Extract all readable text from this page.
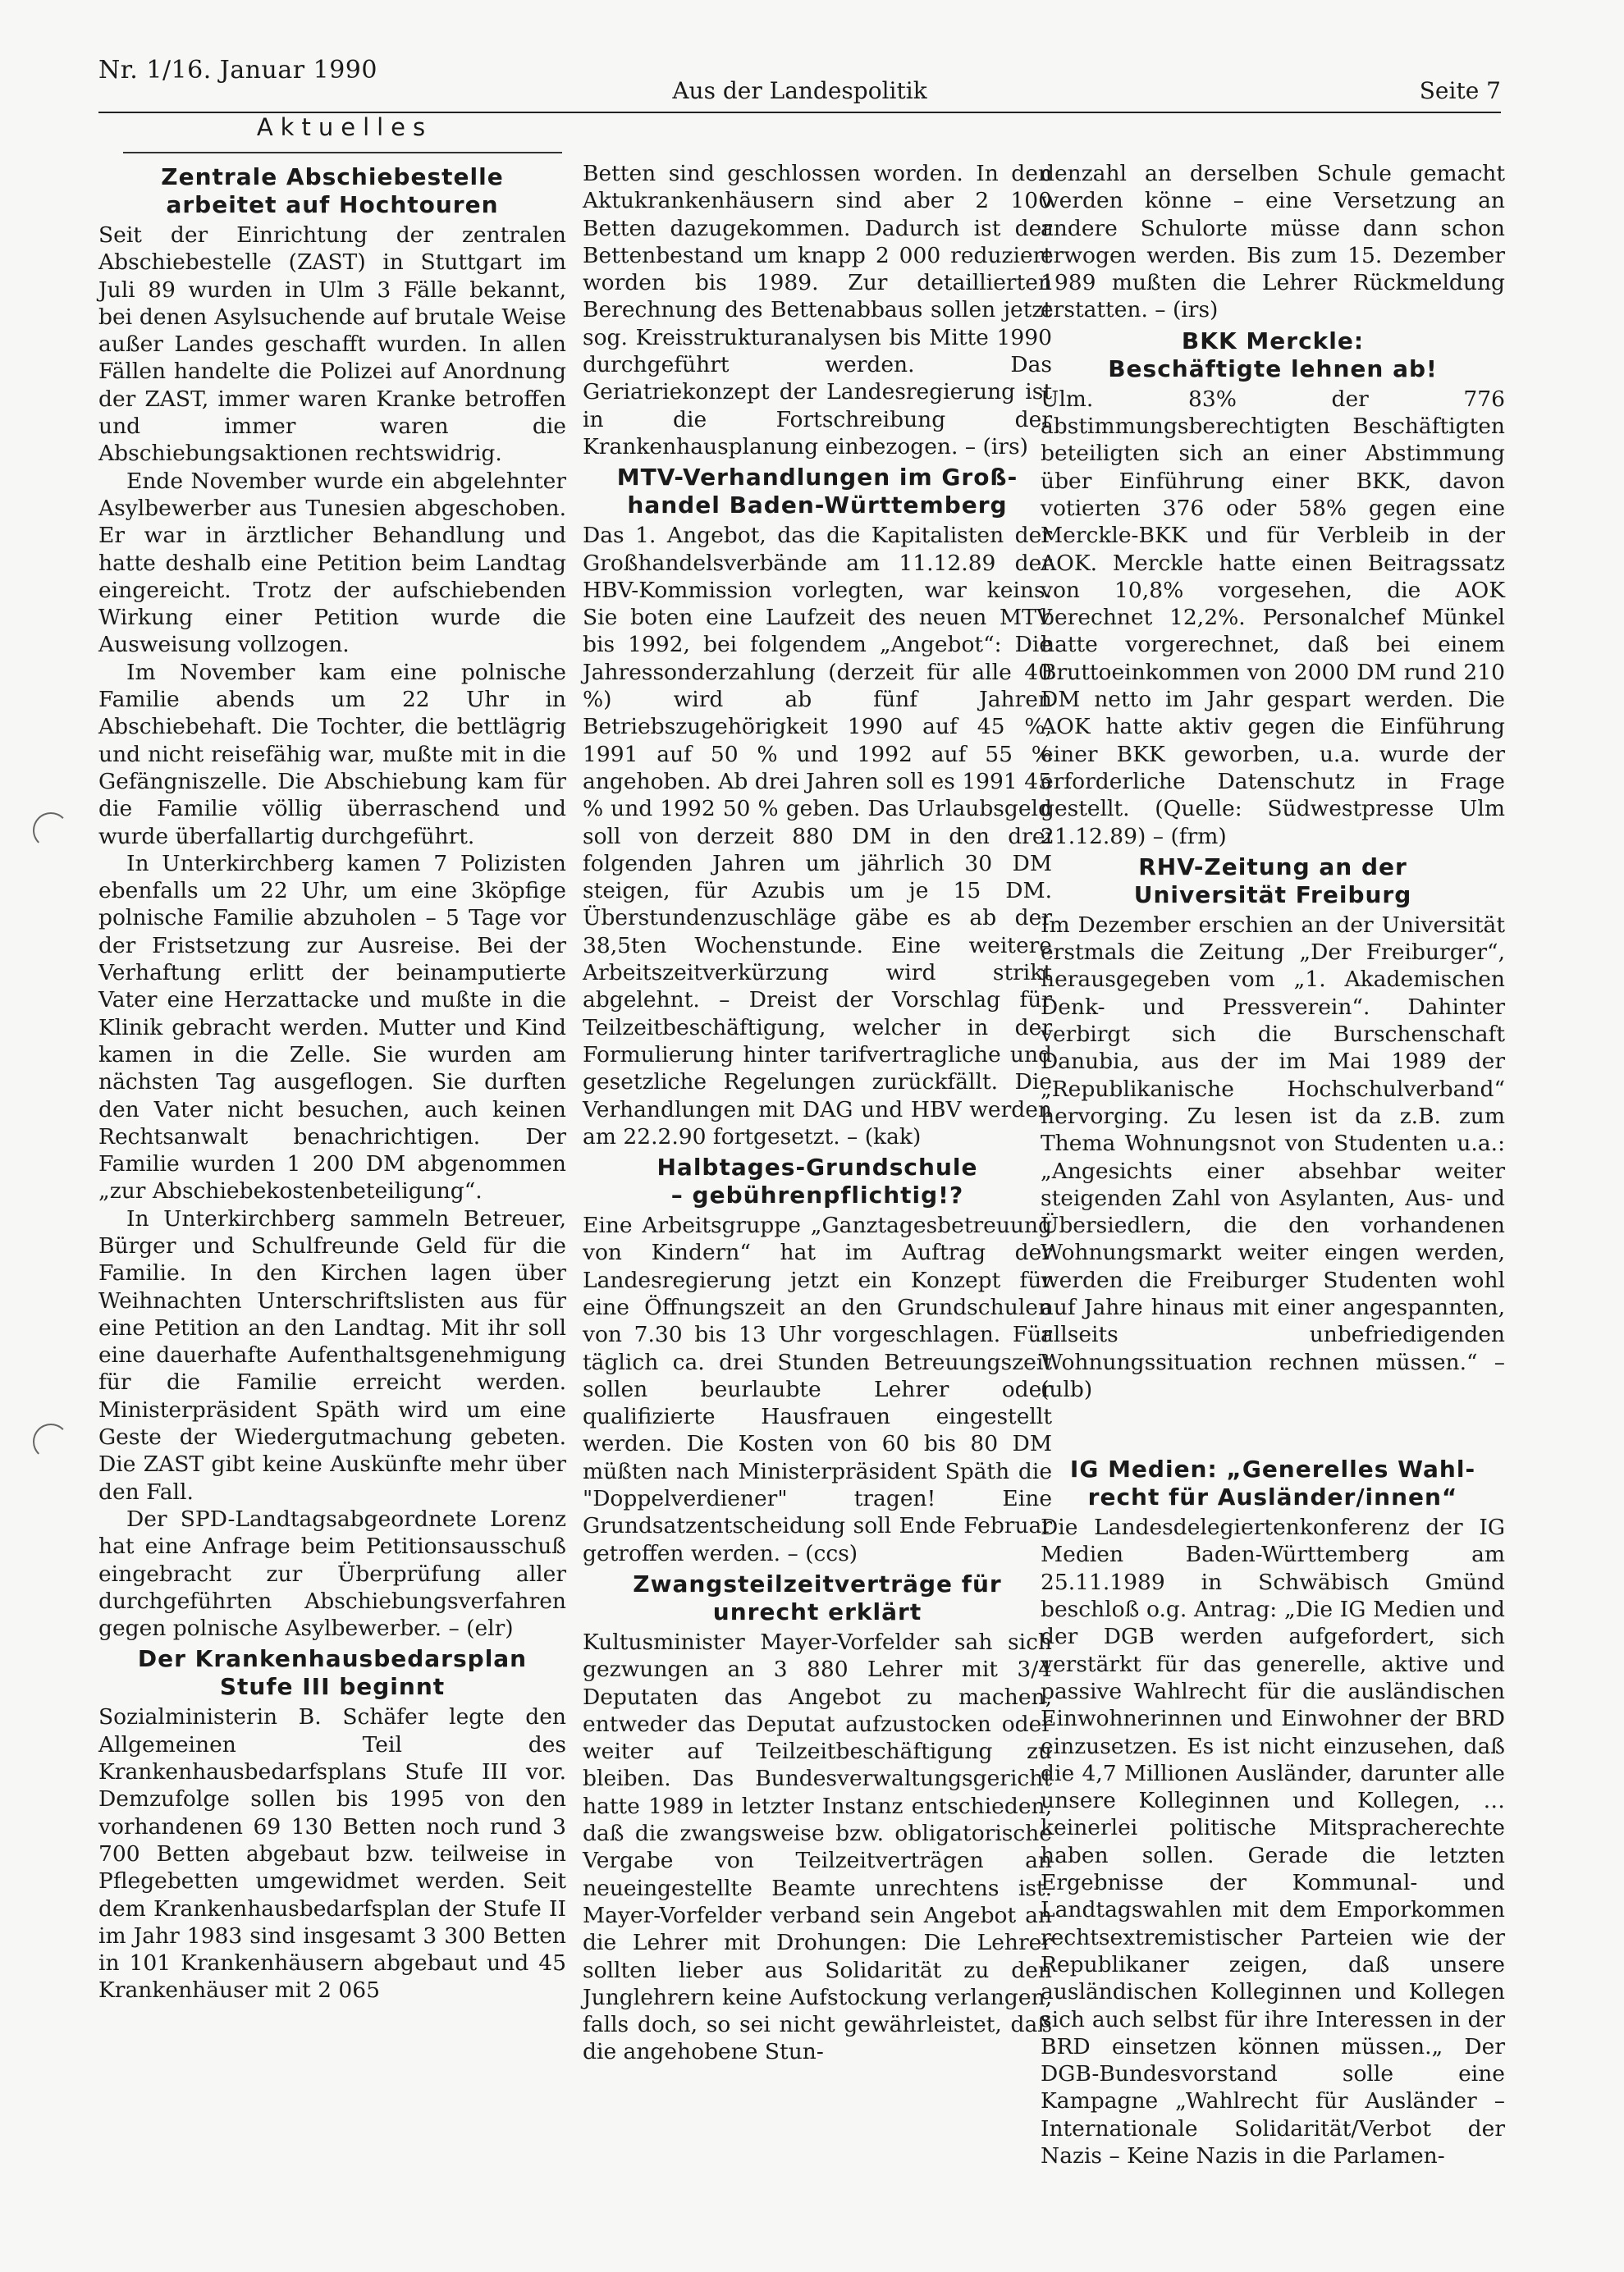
Nr. 1/16. Januar 1990
Aus der Landespolitik	Seite 7
Aktuelles
Zentrale Abschiebestelle
arbeitet auf Hochtouren

Seit der Einrichtung der zentralen Abschiebestelle (ZAST) in Stuttgart im Juli 89 wurden in Ulm 3 Fälle bekannt, bei denen Asylsuchende auf brutale Weise außer Landes geschafft wurden. In allen Fällen handelte die Polizei auf Anordnung der ZAST, immer waren Kranke betroffen und immer waren die Abschiebungsaktionen rechtswidrig.

Ende November wurde ein abgelehnter Asylbewerber aus Tunesien abgeschoben. Er war in ärztlicher Behandlung und hatte deshalb eine Petition beim Landtag eingereicht. Trotz der aufschiebenden Wirkung einer Petition wurde die Ausweisung vollzogen.

Im November kam eine polnische Familie abends um 22 Uhr in Abschiebehaft. Die Tochter, die bettlägrig und nicht reisefähig war, mußte mit in die Gefängniszelle. Die Abschiebung kam für die Familie völlig überraschend und wurde überfallartig durchgeführt.

In Unterkirchberg kamen 7 Polizisten ebenfalls um 22 Uhr, um eine 3köpfige polnische Familie abzuholen – 5 Tage vor der Fristsetzung zur Ausreise. Bei der Verhaftung erlitt der beinamputierte Vater eine Herzattacke und mußte in die Klinik gebracht werden. Mutter und Kind kamen in die Zelle. Sie wurden am nächsten Tag ausgeflogen. Sie durften den Vater nicht besuchen, auch keinen Rechtsanwalt benachrichtigen. Der Familie wurden 1 200 DM abgenommen „zur Abschiebekostenbeteiligung“.

In Unterkirchberg sammeln Betreuer, Bürger und Schulfreunde Geld für die Familie. In den Kirchen lagen über Weihnachten Unterschriftslisten aus für eine Petition an den Landtag. Mit ihr soll eine dauerhafte Aufenthaltsgenehmigung für die Familie erreicht werden. Ministerpräsident Späth wird um eine Geste der Wiedergutmachung gebeten. Die ZAST gibt keine Auskünfte mehr über den Fall.

Der SPD-Landtagsabgeordnete Lorenz hat eine Anfrage beim Petitionsausschuß eingebracht zur Überprüfung aller durchgeführten Abschiebungsverfahren gegen polnische Asylbewerber. – (elr)

Der Krankenhausbedarsplan
Stufe III beginnt

Sozialministerin B. Schäfer legte den Allgemeinen Teil des Krankenhausbedarfsplans Stufe III vor. Demzufolge sollen bis 1995 von den vorhandenen 69 130 Betten noch rund 3 700 Betten abgebaut bzw. teilweise in Pflegebetten umgewidmet werden. Seit dem Krankenhausbedarfsplan der Stufe II im Jahr 1983 sind insgesamt 3 300 Betten in 101 Krankenhäusern abgebaut und 45 Krankenhäuser mit 2 065

Betten sind geschlossen worden. In den Aktukrankenhäusern sind aber 2 100 Betten dazugekommen. Dadurch ist der Bettenbestand um knapp 2 000 reduziert worden bis 1989. Zur detaillierten Berechnung des Bettenabbaus sollen jetzt sog. Kreisstrukturanalysen bis Mitte 1990 durchgeführt werden. Das Geriatriekonzept der Landesregierung ist in die Fortschreibung der Krankenhausplanung einbezogen. – (irs)

MTV-Verhandlungen im Groß-
handel Baden-Württemberg

Das 1. Angebot, das die Kapitalisten der Großhandelsverbände am 11.12.89 der HBV-Kommission vorlegten, war keins. Sie boten eine Laufzeit des neuen MTV bis 1992, bei folgendem „Angebot“: Die Jahressonderzahlung (derzeit für alle 40 %) wird ab fünf Jahren Betriebszugehörigkeit 1990 auf 45 %, 1991 auf 50 % und 1992 auf 55 % angehoben. Ab drei Jahren soll es 1991 45 % und 1992 50 % geben. Das Urlaubsgeld soll von derzeit 880 DM in den drei folgenden Jahren um jährlich 30 DM steigen, für Azubis um je 15 DM. Überstundenzuschläge gäbe es ab der 38,5ten Wochenstunde. Eine weitere Arbeitszeitverkürzung wird strikt abgelehnt. – Dreist der Vorschlag für Teilzeitbeschäftigung, welcher in der Formulierung hinter tarifvertragliche und gesetzliche Regelungen zurückfällt. Die Verhandlungen mit DAG und HBV werden am 22.2.90 fortgesetzt. – (kak)

Halbtages-Grundschule
– gebührenpflichtig!?

Eine Arbeitsgruppe „Ganztagesbetreuung von Kindern“ hat im Auftrag der Landesregierung jetzt ein Konzept für eine Öffnungszeit an den Grundschulen von 7.30 bis 13 Uhr vorgeschlagen. Für täglich ca. drei Stunden Betreuungszeit sollen beurlaubte Lehrer oder qualifizierte Hausfrauen eingestellt werden. Die Kosten von 60 bis 80 DM müßten nach Ministerpräsident Späth die "Doppelverdiener" tragen! Eine Grundsatzentscheidung soll Ende Februar getroffen werden. – (ccs)

Zwangsteilzeitverträge für
unrecht erklärt

Kultusminister Mayer-Vorfelder sah sich gezwungen an 3 880 Lehrer mit 3/4 Deputaten das Angebot zu machen, entweder das Deputat aufzustocken oder weiter auf Teilzeitbeschäftigung zu bleiben. Das Bundesverwaltungsgericht hatte 1989 in letzter Instanz entschieden, daß die zwangsweise bzw. obligatorische Vergabe von Teilzeitverträgen an neueingestellte Beamte unrechtens ist. Mayer-Vorfelder verband sein Angebot an die Lehrer mit Drohungen: Die Lehrer sollten lieber aus Solidarität zu den Junglehrern keine Aufstockung verlangen, falls doch, so sei nicht gewährleistet, daß die angehobene Stun-

denzahl an derselben Schule gemacht werden könne – eine Versetzung an andere Schulorte müsse dann schon erwogen werden. Bis zum 15. Dezember 1989 mußten die Lehrer Rückmeldung erstatten. – (irs)

BKK Merckle:
Beschäftigte lehnen ab!

Ulm. 83% der 776 abstimmungsberechtigten Beschäftigten beteiligten sich an einer Abstimmung über Einführung einer BKK, davon votierten 376 oder 58% gegen eine Merckle-BKK und für Verbleib in der AOK. Merckle hatte einen Beitragssatz von 10,8% vorgesehen, die AOK berechnet 12,2%. Personalchef Münkel hatte vorgerechnet, daß bei einem Bruttoeinkommen von 2000 DM rund 210 DM netto im Jahr gespart werden. Die AOK hatte aktiv gegen die Einführung einer BKK geworben, u.a. wurde der erforderliche Datenschutz in Frage gestellt. (Quelle: Südwestpresse Ulm 21.12.89) – (frm)

RHV-Zeitung an der
Universität Freiburg

Im Dezember erschien an der Universität erstmals die Zeitung „Der Freiburger“, herausgegeben vom „1. Akademischen Denk- und Pressverein“. Dahinter verbirgt sich die Burschenschaft Danubia, aus der im Mai 1989 der „Republikanische Hochschulverband“ hervorging. Zu lesen ist da z.B. zum Thema Wohnungsnot von Studenten u.a.: „Angesichts einer absehbar weiter steigenden Zahl von Asylanten, Aus- und Übersiedlern, die den vorhandenen Wohnungsmarkt weiter eingen werden, werden die Freiburger Studenten wohl auf Jahre hinaus mit einer angespannten, allseits unbefriedigenden Wohnungssituation rechnen müssen.“ – (ulb)

IG Medien: „Generelles Wahl-
recht für Ausländer/innen“

Die Landesdelegiertenkonferenz der IG Medien Baden-Württemberg am 25.11.1989 in Schwäbisch Gmünd beschloß o.g. Antrag: „Die IG Medien und der DGB werden aufgefordert, sich verstärkt für das generelle, aktive und passive Wahlrecht für die ausländischen Einwohnerinnen und Einwohner der BRD einzusetzen. Es ist nicht einzusehen, daß die 4,7 Millionen Ausländer, darunter alle unsere Kolleginnen und Kollegen, … keinerlei politische Mitspracherechte haben sollen. Gerade die letzten Ergebnisse der Kommunal- und Landtagswahlen mit dem Emporkommen rechtsextremistischer Parteien wie der Republikaner zeigen, daß unsere ausländischen Kolleginnen und Kollegen sich auch selbst für ihre Interessen in der BRD einsetzen können müssen.„ Der DGB-Bundesvorstand solle eine Kampagne „Wahlrecht für Ausländer – Internationale Solidarität/Verbot der Nazis – Keine Nazis in die Parlamen-
